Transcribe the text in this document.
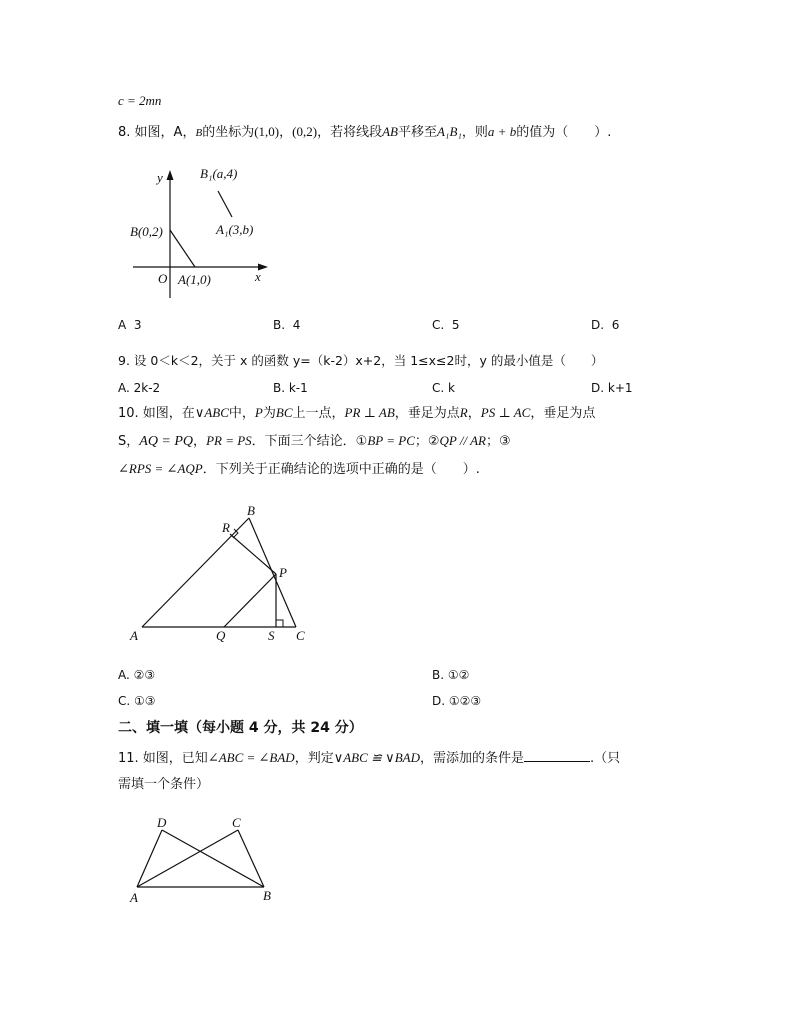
c = 2mn
8. 如图，A，B的坐标为(1,0)，(0,2)，若将线段AB平移至A₁B₁，则a + b的值为（　　）.
y
x
O
B(0,2)
A(1,0)
B₁(a,4)
A₁(3,b)
A 3	B. 4	C. 5	D. 6
9. 设 0＜k＜2，关于 x 的函数 y=（k-2）x+2，当 1≤x≤2时，y 的最小值是（　　）
A. 2k-2	B. k-1	C. k	D. k+1
10. 如图，在∨ABC中，P为BC上一点，PR ⊥ AB，垂足为点R，PS ⊥ AC，垂足为点
S，AQ = PQ，PR = PS．下面三个结论．①BP = PC；②QP // AR；③
∠RPS = ∠AQP．下列关于正确结论的选项中正确的是（　　）.
A
B
C
P
Q
R
S
A. ②③	B. ①②
C. ①③	D. ①②③
二、填一填（每小题 4 分，共 24 分）
11. 如图，已知∠ABC = ∠BAD，判定∨ABC ≌ ∨BAD，需添加的条件是	.（只
需填一个条件）
D	C
A	B
